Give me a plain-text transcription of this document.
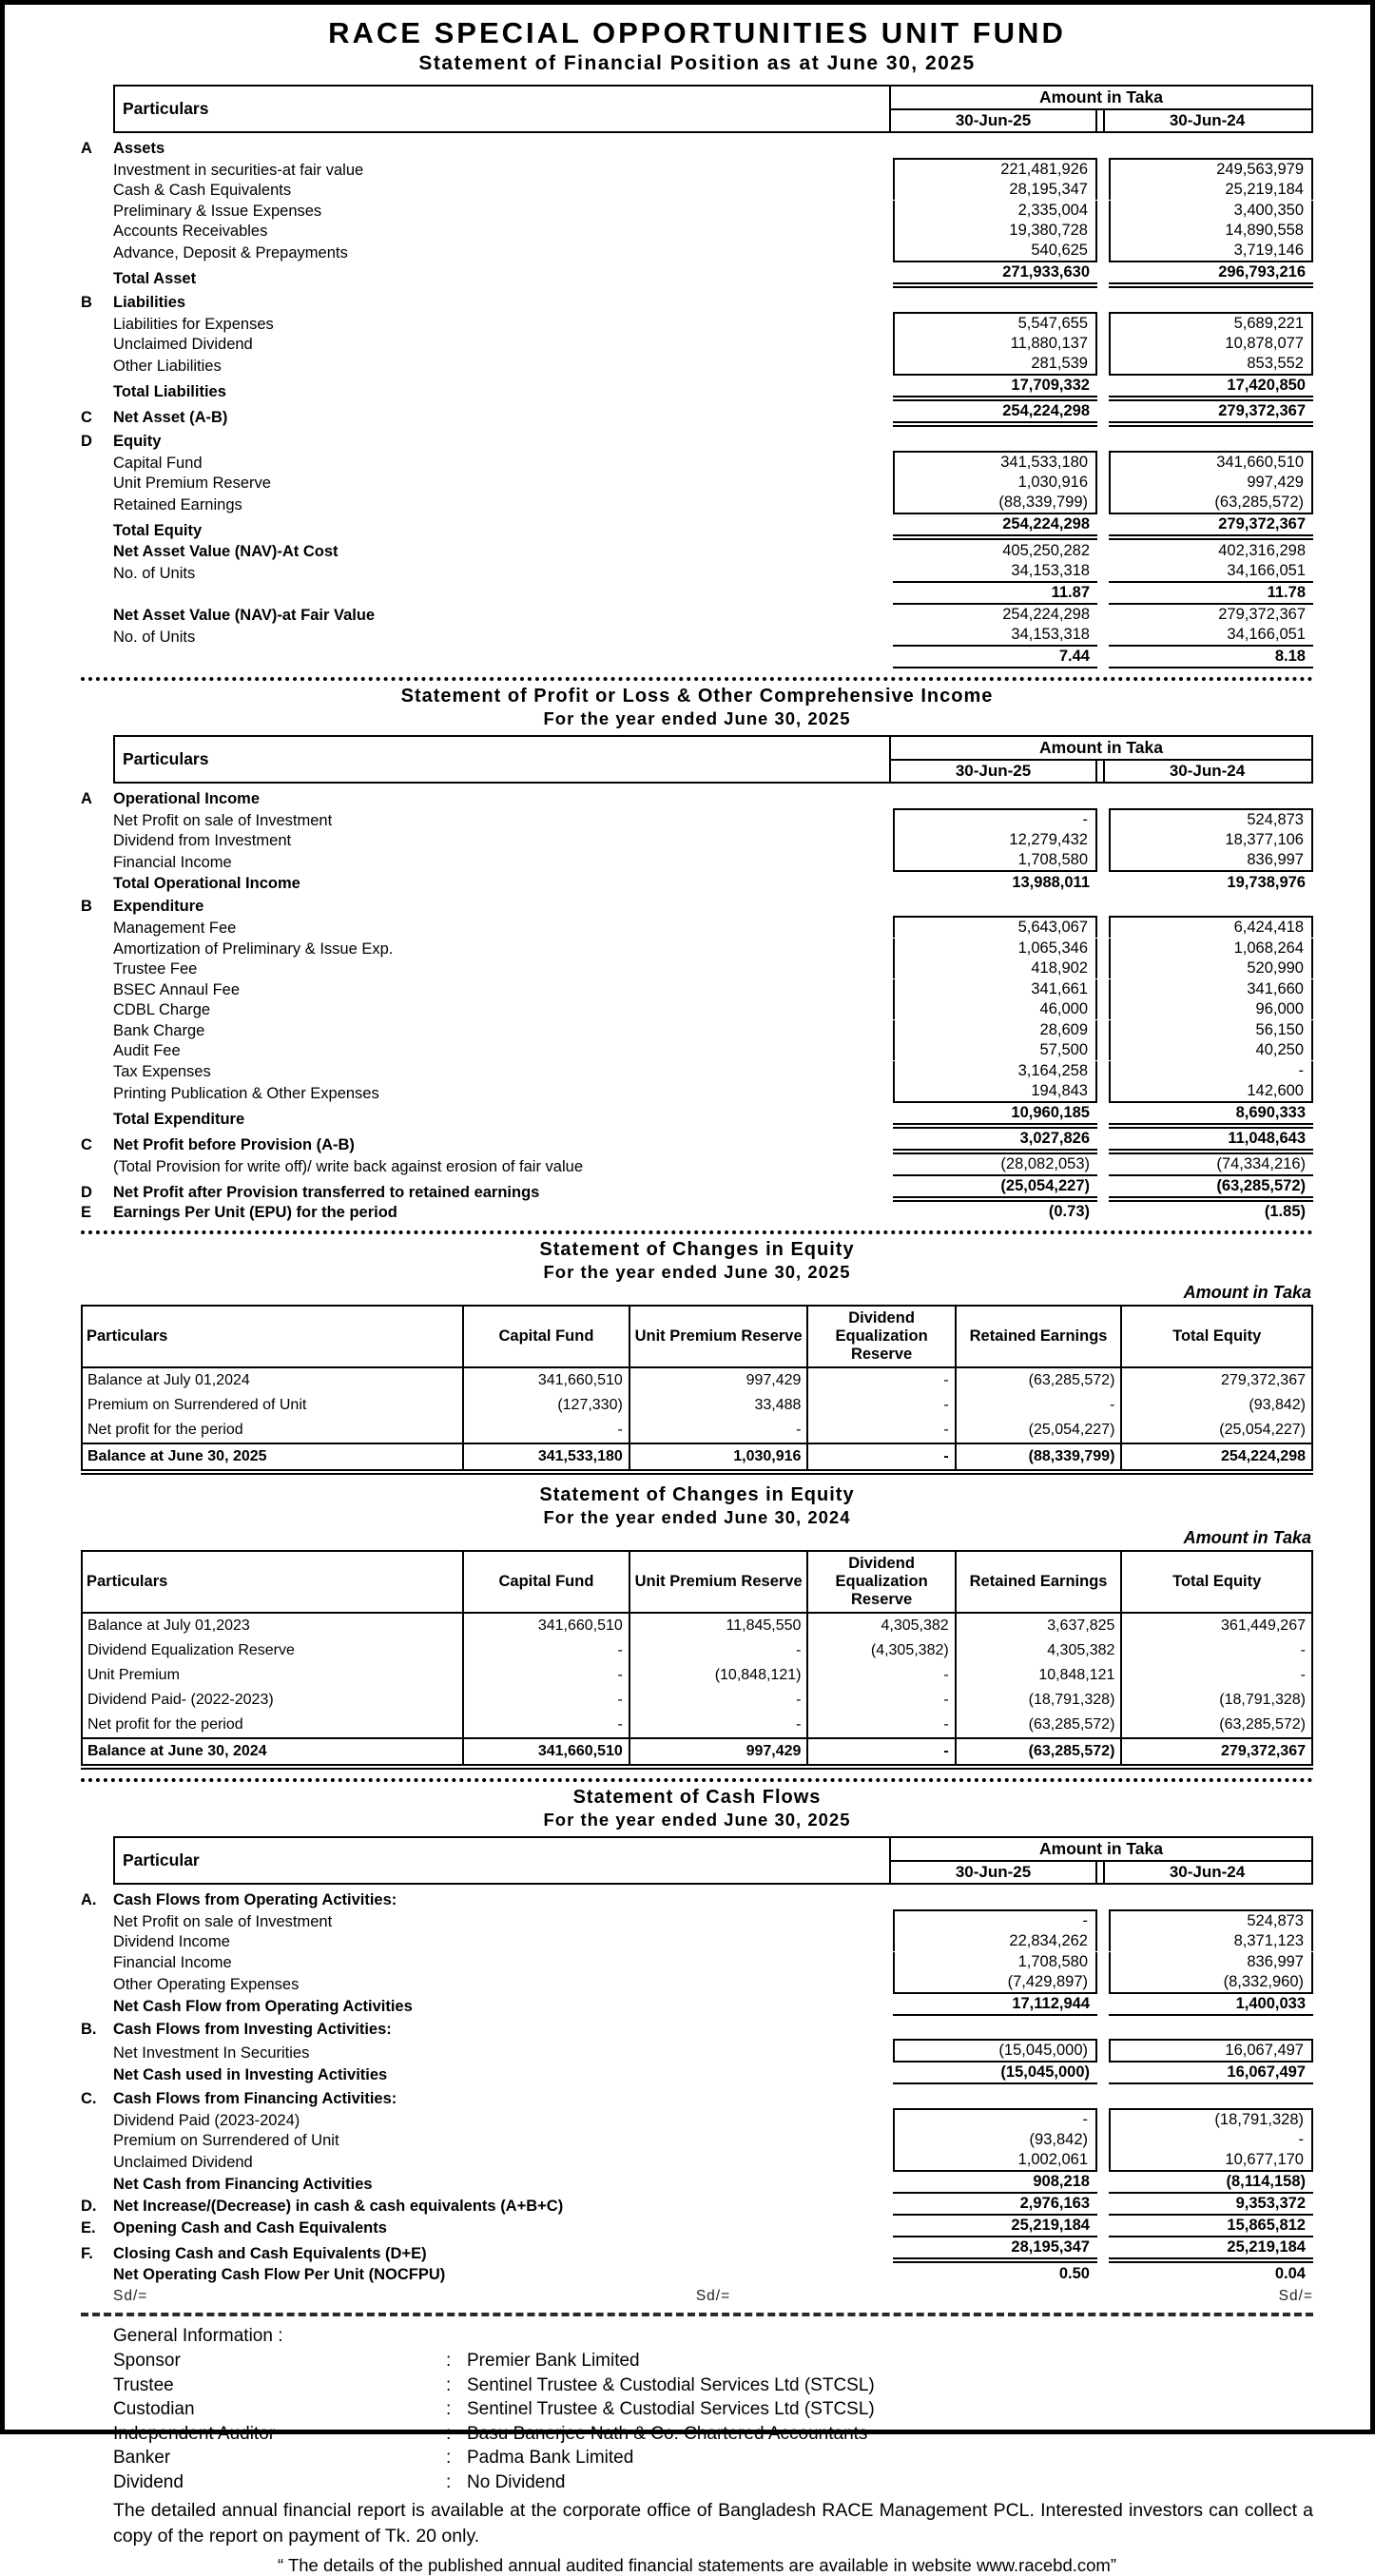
RACE SPECIAL OPPORTUNITIES UNIT FUND
Statement of Financial Position as at June 30, 2025
Particulars
Amount in Taka
30-Jun-25	30-Jun-24
A	Assets
Investment in securities-at fair value	221,481,926	249,563,979
Cash & Cash Equivalents	28,195,347	25,219,184
Preliminary & Issue Expenses	2,335,004	3,400,350
Accounts Receivables	19,380,728	14,890,558
Advance, Deposit & Prepayments	540,625	3,719,146
Total Asset	271,933,630	296,793,216
B	Liabilities
Liabilities for Expenses	5,547,655	5,689,221
Unclaimed Dividend	11,880,137	10,878,077
Other Liabilities	281,539	853,552
Total Liabilities	17,709,332	17,420,850
C	Net Asset (A-B)	254,224,298	279,372,367
D	Equity
Capital Fund	341,533,180	341,660,510
Unit Premium Reserve	1,030,916	997,429
Retained Earnings	(88,339,799)	(63,285,572)
Total Equity	254,224,298	279,372,367
Net Asset Value (NAV)-At Cost	405,250,282	402,316,298
No. of Units	34,153,318	34,166,051
11.87	11.78
Net Asset Value (NAV)-at Fair Value	254,224,298	279,372,367
No. of Units	34,153,318	34,166,051
7.44	8.18
Statement of Profit or Loss & Other Comprehensive Income
For the year ended June 30, 2025
Particulars
Amount in Taka
30-Jun-25	30-Jun-24
A	Operational Income
Net Profit on sale of Investment	-	524,873
Dividend from Investment	12,279,432	18,377,106
Financial Income	1,708,580	836,997
Total Operational Income	13,988,011	19,738,976
B	Expenditure
Management Fee	5,643,067	6,424,418
Amortization of Preliminary & Issue Exp.	1,065,346	1,068,264
Trustee Fee	418,902	520,990
BSEC Annaul Fee	341,661	341,660
CDBL Charge	46,000	96,000
Bank Charge	28,609	56,150
Audit Fee	57,500	40,250
Tax Expenses	3,164,258	-
Printing Publication & Other Expenses	194,843	142,600
Total Expenditure	10,960,185	8,690,333
C	Net Profit before Provision (A-B)	3,027,826	11,048,643
(Total Provision for write off)/ write back against erosion of fair value	(28,082,053)	(74,334,216)
D	Net Profit after Provision transferred to retained earnings	(25,054,227)	(63,285,572)
E	Earnings Per Unit (EPU) for the period	(0.73)	(1.85)
Statement of Changes in Equity
For the year ended June 30, 2025
Amount in Taka
Particulars	Capital Fund	Unit Premium Reserve	Dividend Equalization Reserve	Retained Earnings	Total Equity
Balance at July 01,2024	341,660,510	997,429	-	(63,285,572)	279,372,367
Premium on Surrendered of Unit	(127,330)	33,488	-	-	(93,842)
Net profit for the period	-	-	-	(25,054,227)	(25,054,227)
Balance at June 30, 2025	341,533,180	1,030,916	-	(88,339,799)	254,224,298
Statement of Changes in Equity
For the year ended June 30, 2024
Amount in Taka
Particulars	Capital Fund	Unit Premium Reserve	Dividend Equalization Reserve	Retained Earnings	Total Equity
Balance at July 01,2023	341,660,510	11,845,550	4,305,382	3,637,825	361,449,267
Dividend Equalization Reserve	-	-	(4,305,382)	4,305,382	-
Unit Premium	-	(10,848,121)	-	10,848,121	-
Dividend Paid- (2022-2023)	-	-	-	(18,791,328)	(18,791,328)
Net profit for the period	-	-	-	(63,285,572)	(63,285,572)
Balance at June 30, 2024	341,660,510	997,429	-	(63,285,572)	279,372,367
Statement of Cash Flows
For the year ended June 30, 2025
Particular
Amount in Taka
30-Jun-25	30-Jun-24
A.	Cash Flows from Operating Activities:
Net Profit on sale of Investment	-	524,873
Dividend Income	22,834,262	8,371,123
Financial Income	1,708,580	836,997
Other Operating Expenses	(7,429,897)	(8,332,960)
Net Cash Flow from Operating Activities	17,112,944	1,400,033
B.	Cash Flows from Investing Activities:
Net Investment In Securities	(15,045,000)	16,067,497
Net Cash used in Investing Activities	(15,045,000)	16,067,497
C.	Cash Flows from Financing Activities:
Dividend Paid (2023-2024)	-	(18,791,328)
Premium on Surrendered of Unit	(93,842)	-
Unclaimed Dividend	1,002,061	10,677,170
Net Cash from Financing Activities	908,218	(8,114,158)
D.	Net Increase/(Decrease) in cash & cash equivalents (A+B+C)	2,976,163	9,353,372
E.	Opening Cash and Cash Equivalents	25,219,184	15,865,812
F.	Closing Cash and Cash Equivalents (D+E)	28,195,347	25,219,184
Net Operating Cash Flow Per Unit (NOCFPU)	0.50	0.04
Sd/=	Sd/=	Sd/=
General Information :
Sponsor	: Premier Bank Limited
Trustee	: Sentinel Trustee & Custodial Services Ltd (STCSL)
Custodian	: Sentinel Trustee & Custodial Services Ltd (STCSL)
Independent Auditor	: Basu Banerjee Nath & Co. Chartered Accountants
Banker	: Padma Bank Limited
Dividend	: No Dividend
The detailed annual financial report is available at the corporate office of Bangladesh RACE Management PCL. Interested investors can collect a copy of the report on payment of Tk. 20 only.
“ The details of the published annual audited financial statements are available in website www.racebd.com”
